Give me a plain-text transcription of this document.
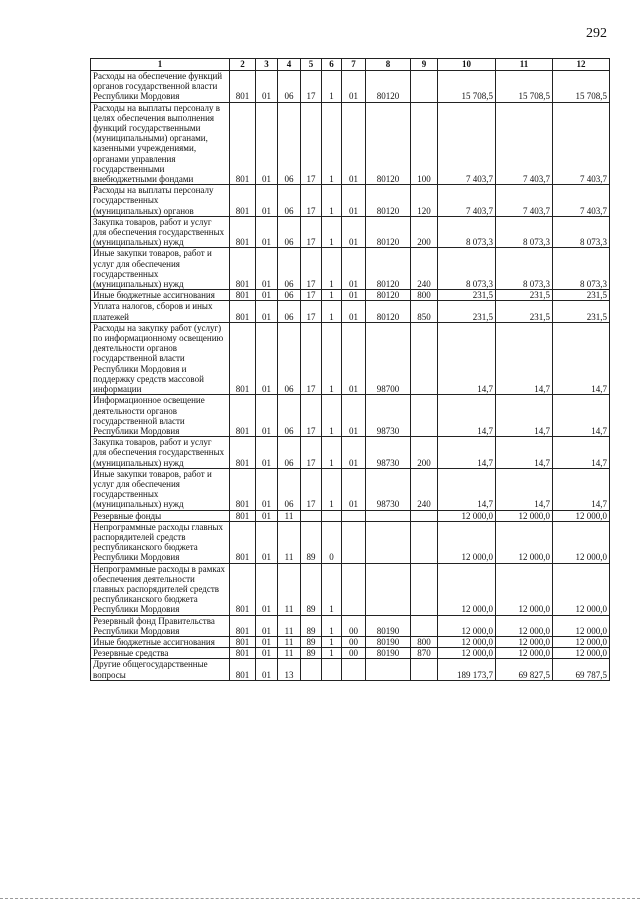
292
1	2	3	4	5	6	7	8	9	10	11	12
Расходы на обеспечение функций органов государственной власти Республики Мордовия	801	01	06	17	1	01	80120		15 708,5	15 708,5	15 708,5
Расходы на выплаты персоналу в целях обеспечения выполнения функций государственными (муниципальными) органами, казенными учреждениями, органами управления государственными внебюджетными фондами	801	01	06	17	1	01	80120	100	7 403,7	7 403,7	7 403,7
Расходы на выплаты персоналу государственных (муниципальных) органов	801	01	06	17	1	01	80120	120	7 403,7	7 403,7	7 403,7
Закупка товаров, работ и услуг для обеспечения государственных (муниципальных) нужд	801	01	06	17	1	01	80120	200	8 073,3	8 073,3	8 073,3
Иные закупки товаров, работ и услуг для обеспечения государственных (муниципальных) нужд	801	01	06	17	1	01	80120	240	8 073,3	8 073,3	8 073,3
Иные бюджетные ассигнования	801	01	06	17	1	01	80120	800	231,5	231,5	231,5
Уплата налогов, сборов и иных платежей	801	01	06	17	1	01	80120	850	231,5	231,5	231,5
Расходы на закупку работ (услуг) по информационному освещению деятельности органов государственной власти Республики Мордовия и поддержку средств массовой информации	801	01	06	17	1	01	98700		14,7	14,7	14,7
Информационное освещение деятельности органов государственной власти Республики Мордовия	801	01	06	17	1	01	98730		14,7	14,7	14,7
Закупка товаров, работ и услуг для обеспечения государственных (муниципальных) нужд	801	01	06	17	1	01	98730	200	14,7	14,7	14,7
Иные закупки товаров, работ и услуг для обеспечения государственных (муниципальных) нужд	801	01	06	17	1	01	98730	240	14,7	14,7	14,7
Резервные фонды	801	01	11						12 000,0	12 000,0	12 000,0
Непрограммные расходы главных распорядителей средств республиканского бюджета Республики Мордовия	801	01	11	89	0				12 000,0	12 000,0	12 000,0
Непрограммные расходы в рамках обеспечения деятельности главных распорядителей средств республиканского бюджета Республики Мордовия	801	01	11	89	1				12 000,0	12 000,0	12 000,0
Резервный фонд Правительства Республики Мордовия	801	01	11	89	1	00	80190		12 000,0	12 000,0	12 000,0
Иные бюджетные ассигнования	801	01	11	89	1	00	80190	800	12 000,0	12 000,0	12 000,0
Резервные средства	801	01	11	89	1	00	80190	870	12 000,0	12 000,0	12 000,0
Другие общегосударственные вопросы	801	01	13						189 173,7	69 827,5	69 787,5
